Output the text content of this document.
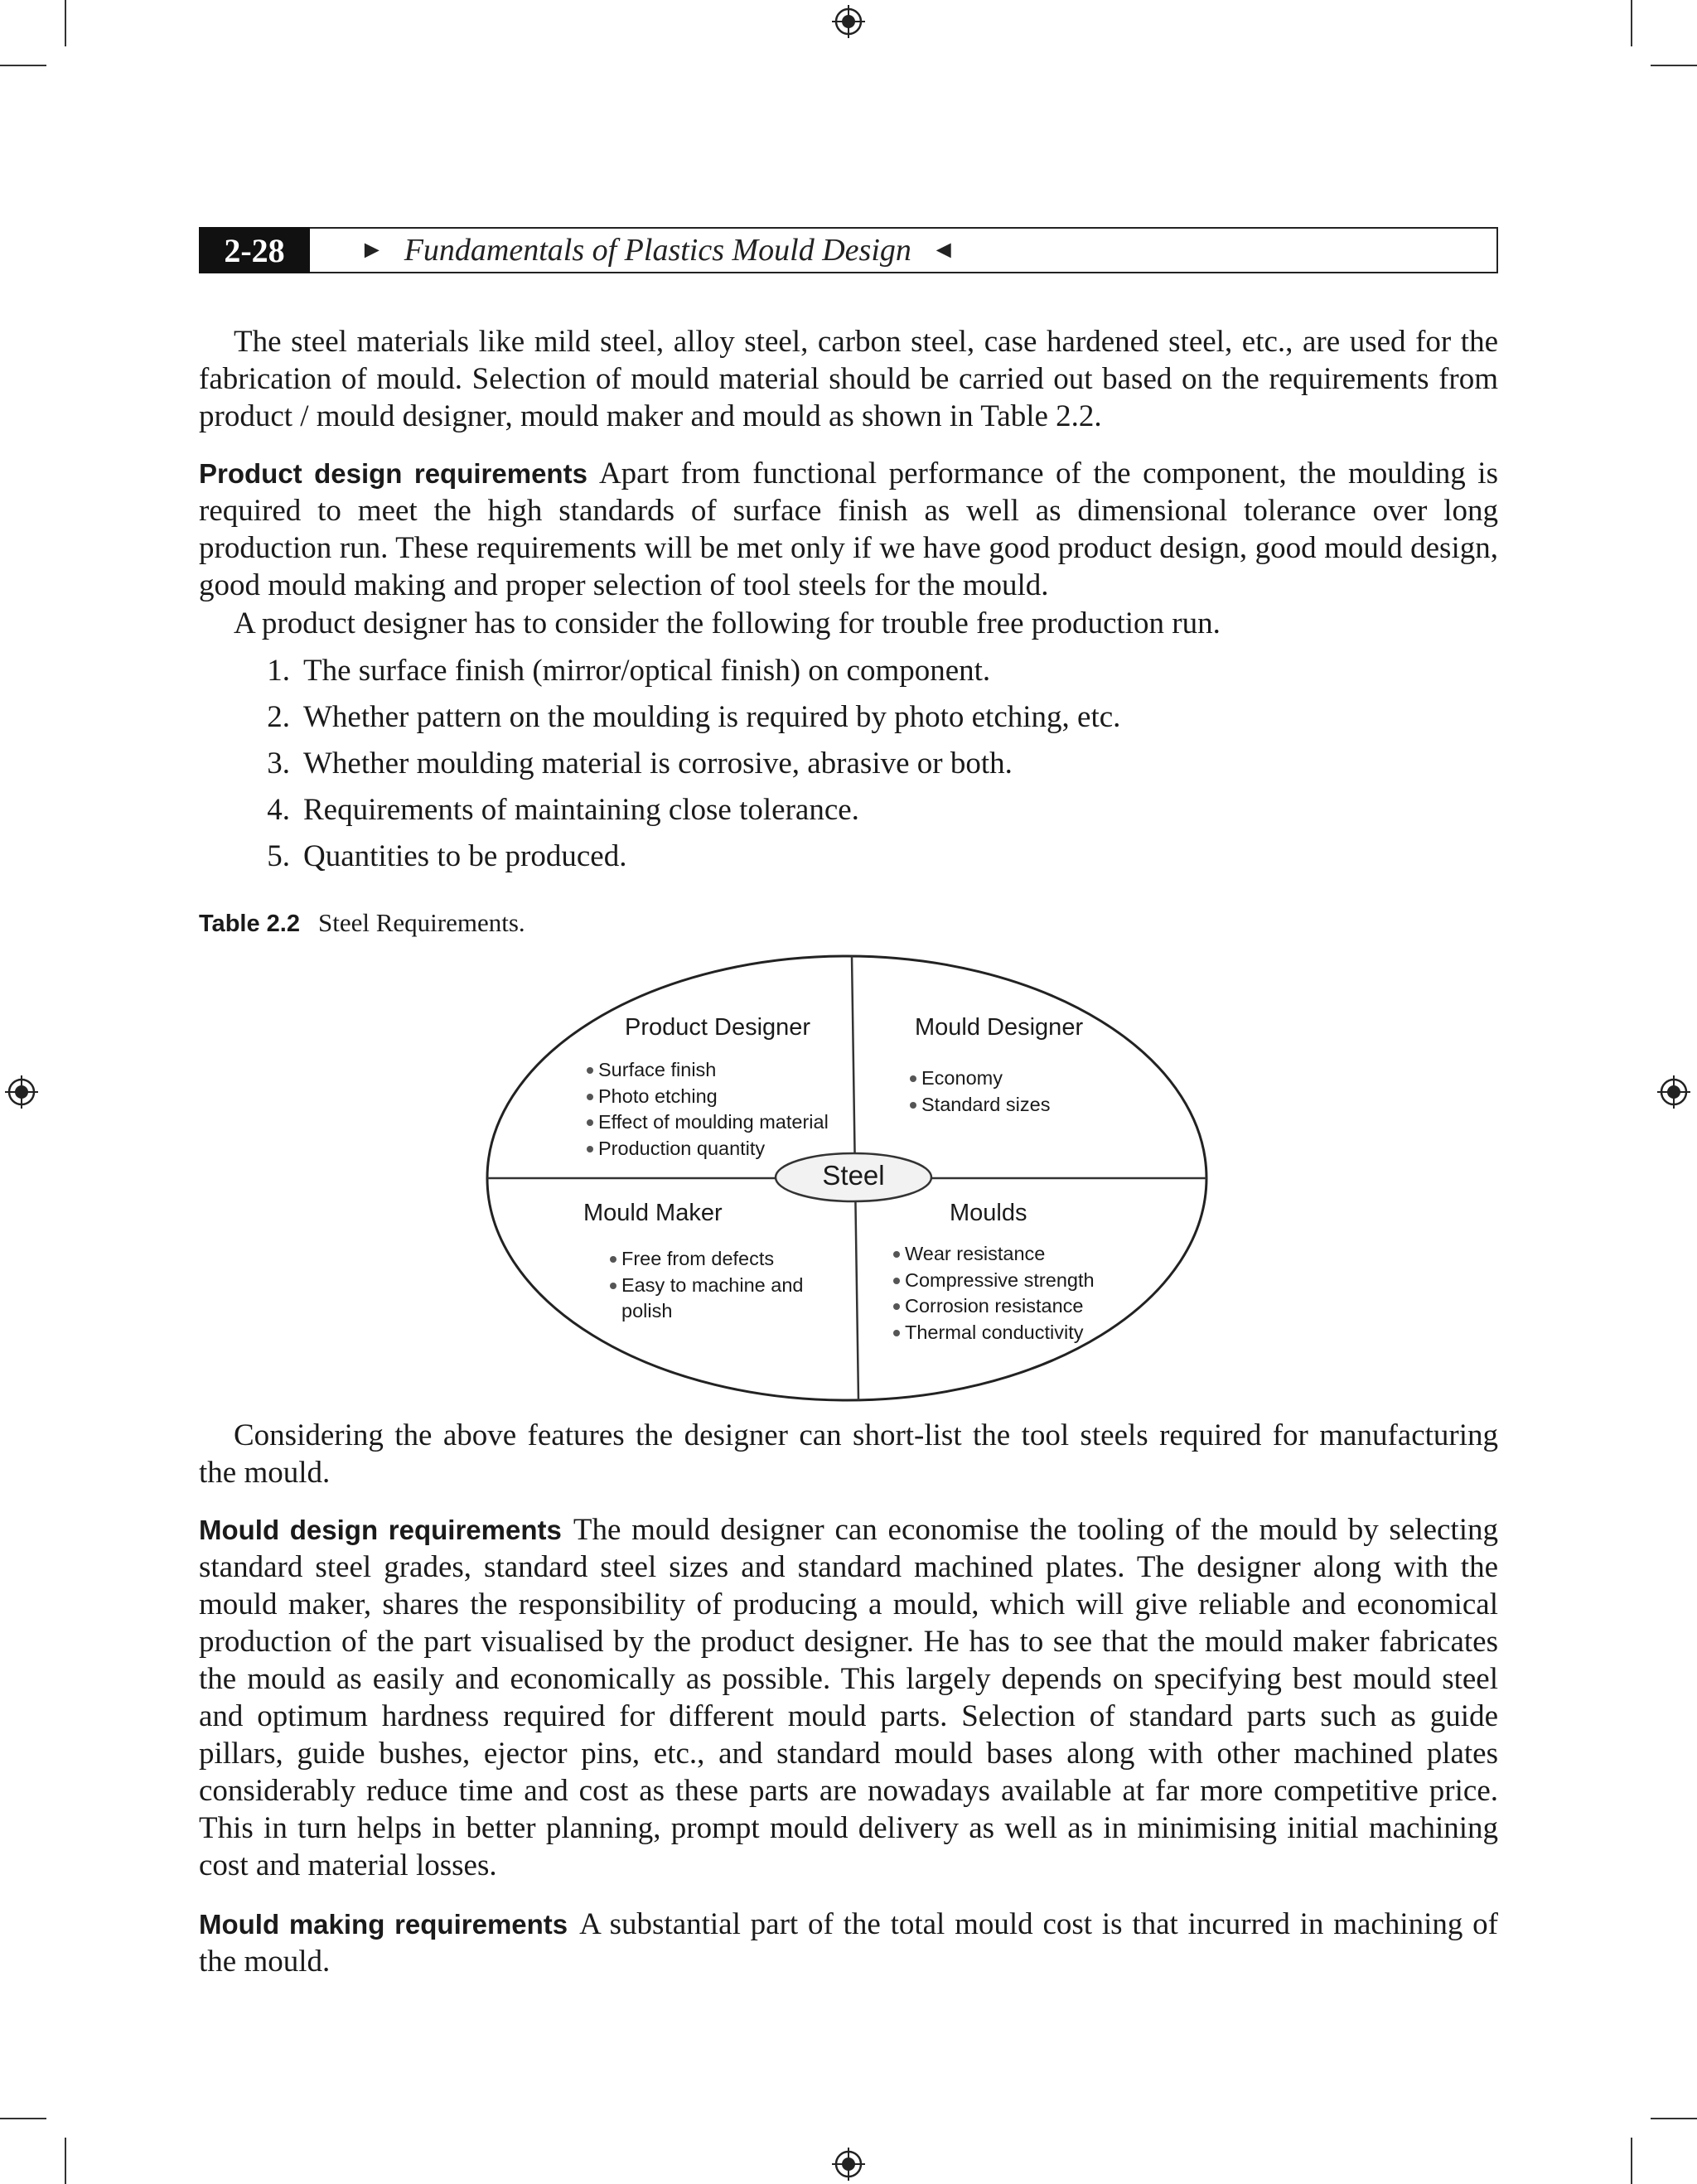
2-28	► Fundamentals of Plastics Mould Design ◄

The steel materials like mild steel, alloy steel, carbon steel, case hardened steel, etc., are used for the fabrication of mould. Selection of mould material should be carried out based on the requirements from product / mould designer, mould maker and mould as shown in Table 2.2.

Product design requirements Apart from functional performance of the component, the moulding is required to meet the high standards of surface finish as well as dimensional tolerance over long production run. These requirements will be met only if we have good product design, good mould design, good mould making and proper selection of tool steels for the mould.

A product designer has to consider the following for trouble free production run.

1. The surface finish (mirror/optical finish) on component.
2. Whether pattern on the moulding is required by photo etching, etc.
3. Whether moulding material is corrosive, abrasive or both.
4. Requirements of maintaining close tolerance.
5. Quantities to be produced.
Table 2.2 Steel Requirements.
Steel
Product Designer
Surface finish
Photo etching
Effect of moulding material
Production quantity
Mould Designer
Economy
Standard sizes
Mould Maker
Free from defects
Easy to machine and
polish
Moulds
Wear resistance
Compressive strength
Corrosion resistance
Thermal conductivity

Considering the above features the designer can short-list the tool steels required for manufacturing the mould.

Mould design requirements The mould designer can economise the tooling of the mould by selecting standard steel grades, standard steel sizes and standard machined plates. The designer along with the mould maker, shares the responsibility of producing a mould, which will give reliable and economical production of the part visualised by the product designer. He has to see that the mould maker fabricates the mould as easily and economically as possible. This largely depends on specifying best mould steel and optimum hardness required for different mould parts. Selection of standard parts such as guide pillars, guide bushes, ejector pins, etc., and standard mould bases along with other machined plates considerably reduce time and cost as these parts are nowadays available at far more competitive price. This in turn helps in better planning, prompt mould delivery as well as in minimising initial machining cost and material losses.

Mould making requirements A substantial part of the total mould cost is that incurred in machining of the mould.
